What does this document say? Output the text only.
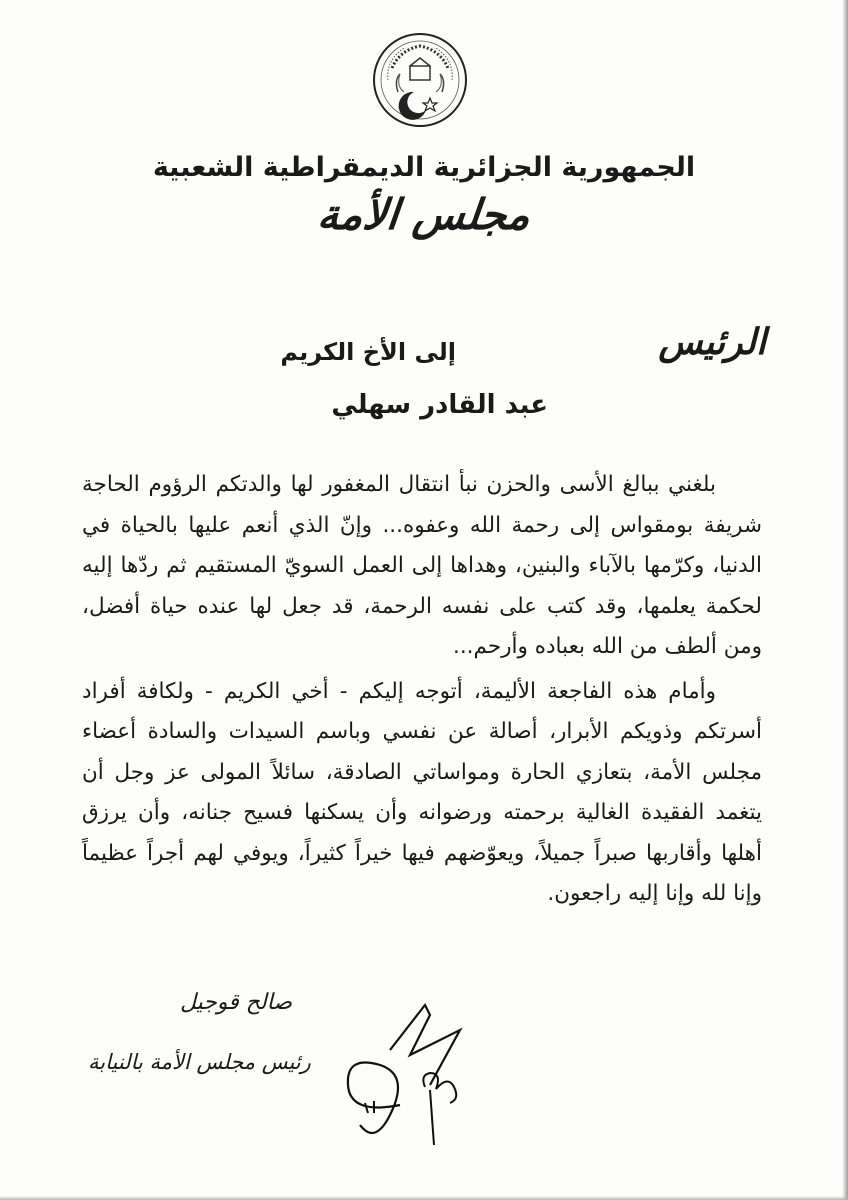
الجمهورية الجزائرية الديمقراطية الشعبية
مجلس الأمة
الرئيس
إلى الأخ الكريم
عبد القادر سهلي

بلغني ببالغ الأسى والحزن نبأ انتقال المغفور لها والدتكم الرؤوم الحاجة شريفة بومقواس إلى رحمة الله وعفوه... وإنّ الذي أنعم عليها بالحياة في الدنيا، وكرّمها بالآباء والبنين، وهداها إلى العمل السويّ المستقيم ثم ردّها إليه لحكمة يعلمها، وقد كتب على نفسه الرحمة، قد جعل لها عنده حياة أفضل، ومن ألطف من الله بعباده وأرحم...

وأمام هذه الفاجعة الأليمة، أتوجه إليكم - أخي الكريم - ولكافة أفراد أسرتكم وذويكم الأبرار، أصالة عن نفسي وباسم السيدات والسادة أعضاء مجلس الأمة، بتعازي الحارة ومواساتي الصادقة، سائلاً المولى عز وجل أن يتغمد الفقيدة الغالية برحمته ورضوانه وأن يسكنها فسيح جنانه، وأن يرزق أهلها وأقاربها صبراً جميلاً، ويعوّضهم فيها خيراً كثيراً، ويوفي لهم أجراً عظيماً وإنا لله وإنا إليه راجعون.

صالح قوجيل
رئيس مجلس الأمة بالنيابة
